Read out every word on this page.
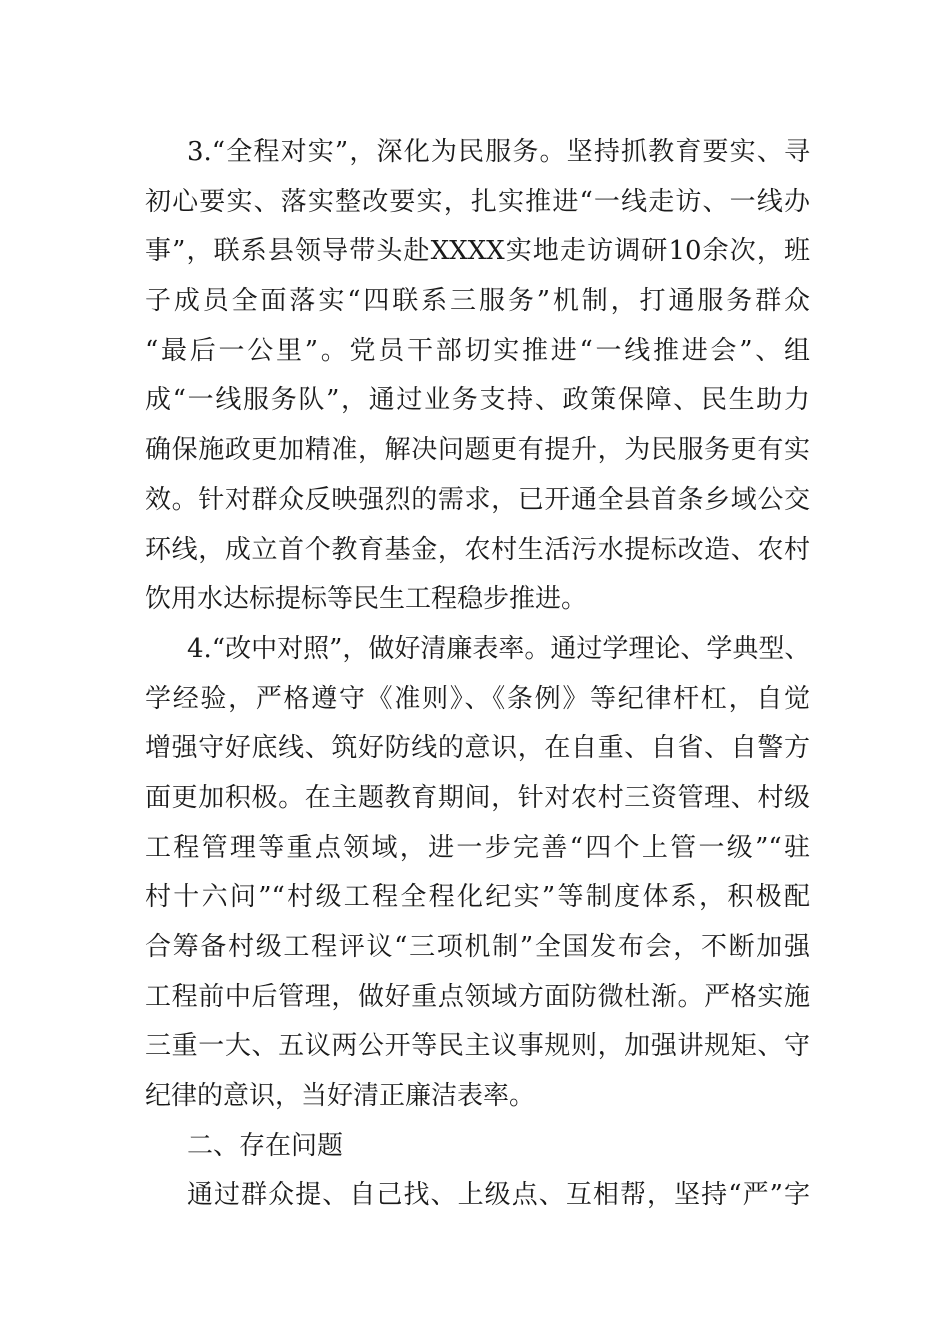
3.“全程对实”，深化为民服务。坚持抓教育要实、寻
初心要实、落实整改要实，扎实推进“一线走访、一线办
事”，联系县领导带头赴XXXX实地走访调研10余次，班
子成员全面落实“四联系三服务”机制，打通服务群众
“最后一公里”。党员干部切实推进“一线推进会”、组
成“一线服务队”，通过业务支持、政策保障、民生助力
确保施政更加精准，解决问题更有提升，为民服务更有实
效。针对群众反映强烈的需求，已开通全县首条乡域公交
环线，成立首个教育基金，农村生活污水提标改造、农村
饮用水达标提标等民生工程稳步推进。
4.“改中对照”，做好清廉表率。通过学理论、学典型、
学经验，严格遵守《准则》、《条例》等纪律杆杠，自觉
增强守好底线、筑好防线的意识，在自重、自省、自警方
面更加积极。在主题教育期间，针对农村三资管理、村级
工程管理等重点领域，进一步完善“四个上管一级”“驻
村十六问”“村级工程全程化纪实”等制度体系，积极配
合筹备村级工程评议“三项机制”全国发布会，不断加强
工程前中后管理，做好重点领域方面防微杜渐。严格实施
三重一大、五议两公开等民主议事规则，加强讲规矩、守
纪律的意识，当好清正廉洁表率。
二、存在问题
通过群众提、自己找、上级点、互相帮，坚持“严”字
